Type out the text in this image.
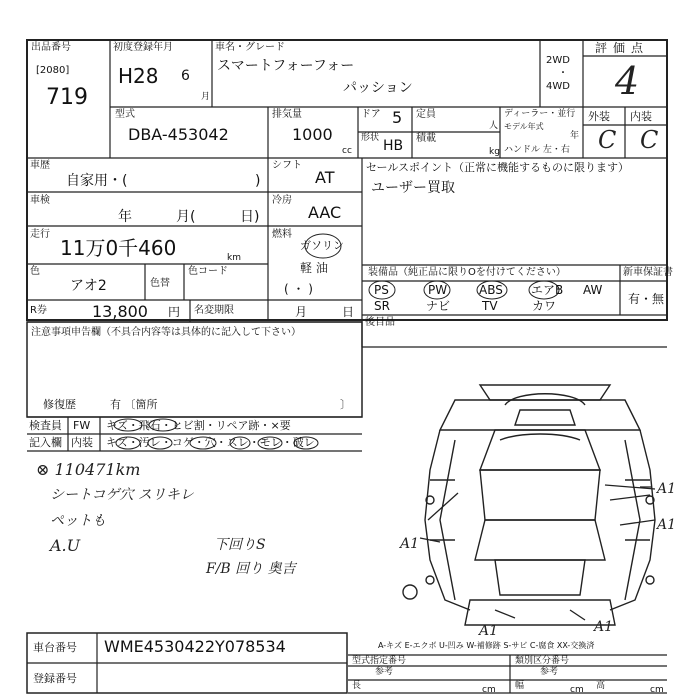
評価点
4
外装 内装
C C
出品番号
[2080]
719
初度登録年月
H28 6
月
車名・グレード
スマートフォーフォー
パッション
2WD
・
4WD
型式
DBA-453042
排気量
1000
cc
ドア 5
形状 HB
定員
人
積載
kg
ディーラー・並行
モデル年式
年
ハンドル 左・右
車歴
自家用・(	)
シフト
AT
セールスポイント（正常に機能するものに限ります）
ユーザー買取
車検
年	月(	日)
冷房
AAC
走行
11万0千460	km
燃料
ガソリン
軽 油
( ・ )
装備品（純正品に限りOを付けてください）	新車保証書
有・無
PS	PW	ABS エアB AW
SR	ナビ	TV	カワ
後目品
色
アオ2	色替
色コード
R券	13,800 円 名変期限	月	日
注意事項申告欄（不具合内容等は具体的に記入して下さい）
修復歴	有 〔箇所	〕
検査員 FW キズ・飛石・ヒビ割・リペア跡・×要
記入欄 内装 キズ・汚レ・コゲ・穴・スレ・モレ・破レ
⊗ 110471km
シートコゲ穴 スリキレ
ペットも
A.U	下回りS
F/B 回り 奥吉
A1
A1
A1
A1	A1
A-キズ E-エクボ U-凹み W-補修跡 S-サビ C-腐食 XX-交換済
車台番号 WME4530422Y078534
登録番号
型式指定番号	類別区分番号
参考	参考
長	cm 幅	cm 高	cm
